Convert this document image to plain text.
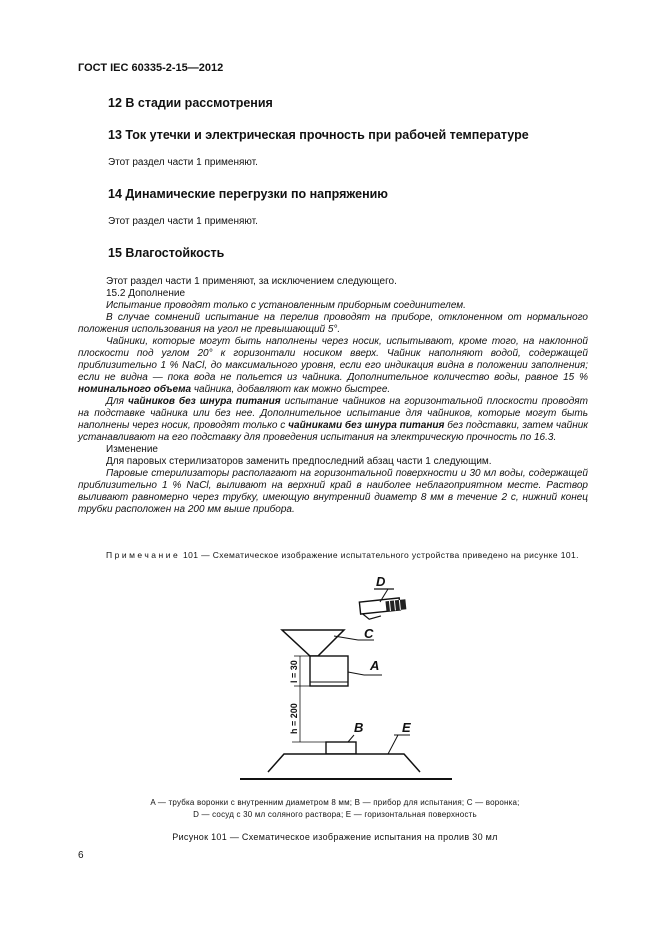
ГОСТ IEC 60335-2-15—2012
12 В стадии рассмотрения
13 Ток утечки и электрическая прочность при рабочей температуре
Этот раздел части 1 применяют.
14 Динамические перегрузки по напряжению
Этот раздел части 1 применяют.
15 Влагостойкость

Этот раздел части 1 применяют, за исключением следующего.

15.2 Дополнение

Испытание проводят только с установленным приборным соединителем.

В случае сомнений испытание на перелив проводят на приборе, отклоненном от нормального положения использования на угол не превышающий 5°.

Чайники, которые могут быть наполнены через носик, испытывают, кроме того, на наклонной плоскости под углом 20° к горизонтали носиком вверх. Чайник наполняют водой, содержащей приблизительно 1 % NaCl, до максимального уровня, если его индикация видна в положении заполнения; если не видна — пока вода не польется из чайника. Дополнительное количество воды, равное 15 % номинального объема чайника, добавляют как можно быстрее.

Для чайников без шнура питания испытание чайников на горизонтальной плоскости проводят на подставке чайника или без нее. Дополнительное испытание для чайников, которые могут быть наполнены через носик, проводят только с чайниками без шнура питания без подставки, затем чайник устанавливают на его подставку для проведения испытания на электрическую прочность по 16.3.

Изменение

Для паровых стерилизаторов заменить предпоследний абзац части 1 следующим.

Паровые стерилизаторы располагают на горизонтальной поверхности и 30 мл воды, содержащей приблизительно 1 % NaCl, выливают на верхний край в наиболее неблагоприятном месте. Раствор выливают равномерно через трубку, имеющую внутренний диаметр 8 мм в течение 2 с, нижний конец трубки расположен на 200 мм выше прибора.

Примечание 101 — Схематическое изображение испытательного устройства приведено на рисунке 101.
D
C
A
l = 30
h = 200	B	E
A — трубка воронки с внутренним диаметром 8 мм; B — прибор для испытания; C — воронка;
D — сосуд с 30 мл соляного раствора; E — горизонтальная поверхность
Рисунок 101 — Схематическое изображение испытания на пролив 30 мл
6
